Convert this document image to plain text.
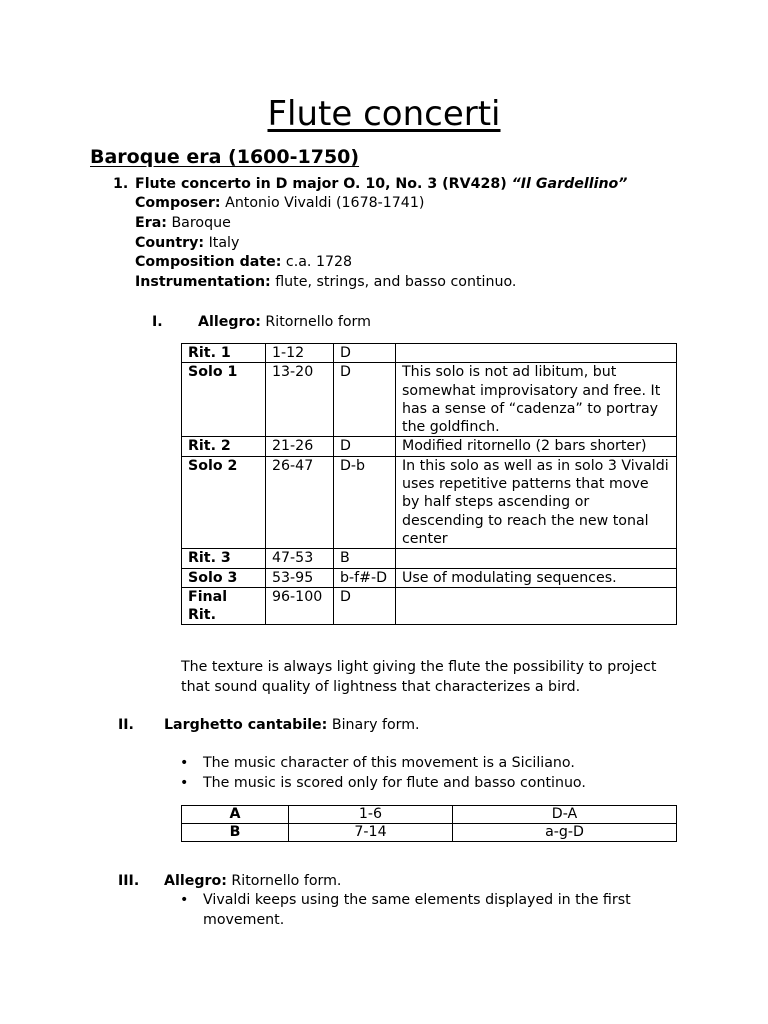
Flute concerti
Baroque era (1600-1750)
1. Flute concerto in D major O. 10, No. 3 (RV428) “Il Gardellino”
Composer: Antonio Vivaldi (1678-1741)
Era: Baroque
Country: Italy
Composition date: c.a. 1728
Instrumentation: flute, strings, and basso continuo.
I. Allegro: Ritornello form
Rit. 1	1-12	D	
Solo 1	13-20	D	This solo is not ad libitum, but somewhat improvisatory and free. It has a sense of “cadenza” to portray the goldfinch.
Rit. 2	21-26	D	Modified ritornello (2 bars shorter)
Solo 2	26-47	D-b	In this solo as well as in solo 3 Vivaldi uses repetitive patterns that move by half steps ascending or descending to reach the new tonal center
Rit. 3	47-53	B	
Solo 3	53-95	b-f#-D	Use of modulating sequences.
Final Rit.	96-100	D	
The texture is always light giving the flute the possibility to project that sound quality of lightness that characterizes a bird.
II. Larghetto cantabile: Binary form.
• The music character of this movement is a Siciliano.
• The music is scored only for flute and basso continuo.
A	1-6	D-A
B	7-14	a-g-D
III. Allegro: Ritornello form.
• Vivaldi keeps using the same elements displayed in the first movement.
